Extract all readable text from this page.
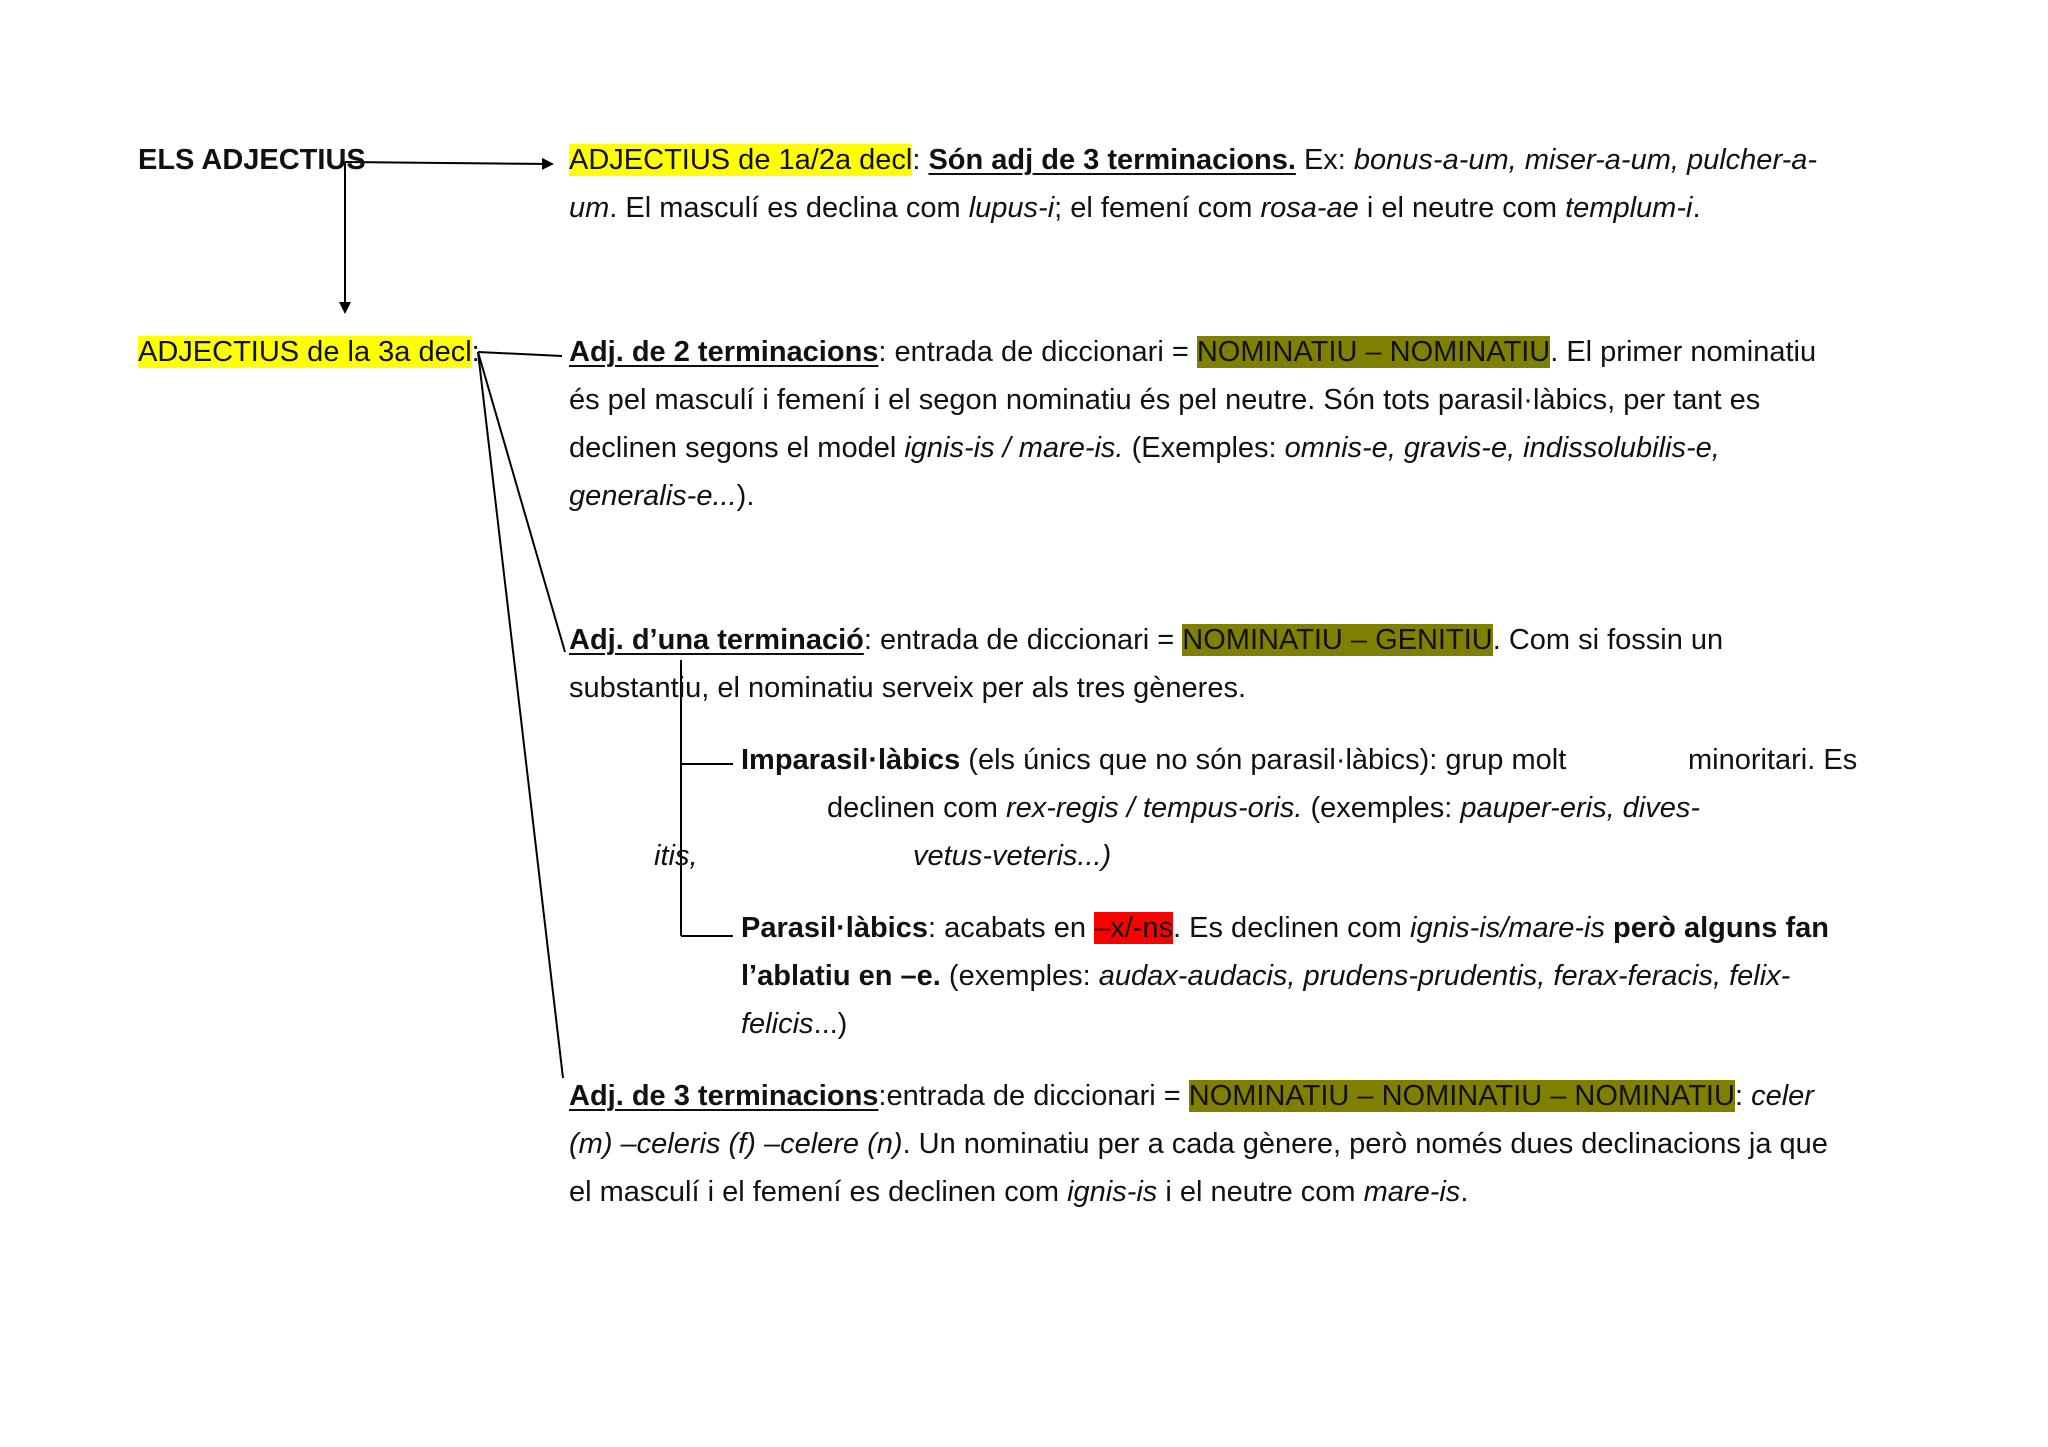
ELS ADJECTIUS	ADJECTIUS de 1a/2a decl: Són adj de 3 terminacions. Ex: bonus-a-um, miser-a-um, pulcher-a-
um. El masculí es declina com lupus-i; el femení com rosa-ae i el neutre com templum-i.
ADJECTIUS de la 3a decl:	Adj. de 2 terminacions: entrada de diccionari = NOMINATIU – NOMINATIU. El primer nominatiu
és pel masculí i femení i el segon nominatiu és pel neutre. Són tots parasil·làbics, per tant es
declinen segons el model ignis-is / mare-is. (Exemples: omnis-e, gravis-e, indissolubilis-e,
generalis-e...).
Adj. d’una terminació: entrada de diccionari = NOMINATIU – GENITIU. Com si fossin un
substantiu, el nominatiu serveix per als tres gèneres.
Imparasil·làbics (els únics que no són parasil·làbics): grup molt	minoritari. Es
declinen com rex-regis / tempus-oris. (exemples: pauper-eris, dives-
itis,	vetus-veteris...)
Parasil·làbics: acabats en –x/-ns. Es declinen com ignis-is/mare-is però alguns fan
l’ablatiu en –e. (exemples: audax-audacis, prudens-prudentis, ferax-feracis, felix-
felicis...)
Adj. de 3 terminacions:entrada de diccionari = NOMINATIU – NOMINATIU – NOMINATIU: celer
(m) –celeris (f) –celere (n). Un nominatiu per a cada gènere, però només dues declinacions ja que
el masculí i el femení es declinen com ignis-is i el neutre com mare-is.
